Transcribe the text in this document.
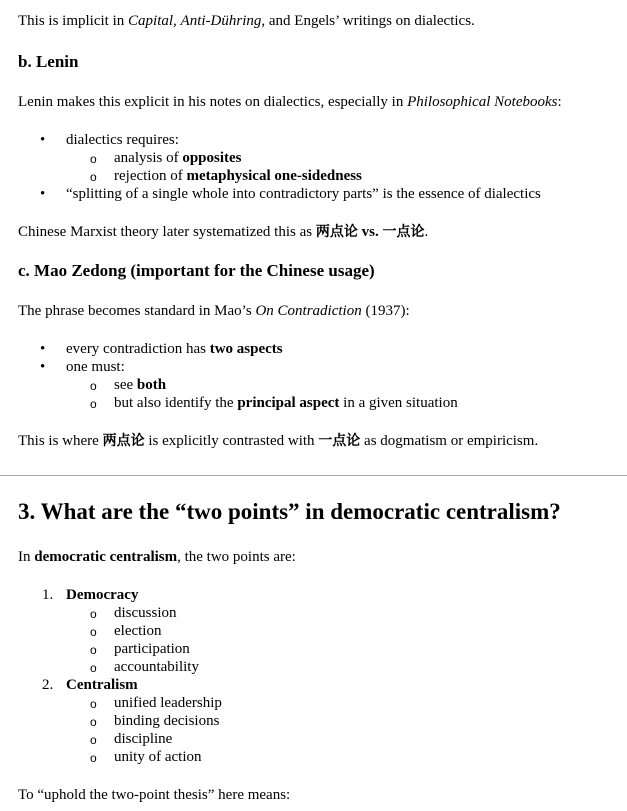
This is implicit in Capital, Anti-Dühring, and Engels’ writings on dialectics.

b. Lenin

Lenin makes this explicit in his notes on dialectics, especially in Philosophical Notebooks:

• dialectics requires:
o analysis of opposites
o rejection of metaphysical one-sidedness
• “splitting of a single whole into contradictory parts” is the essence of dialectics

Chinese Marxist theory later systematized this as 两点论 vs. 一点论.

c. Mao Zedong (important for the Chinese usage)

The phrase becomes standard in Mao’s On Contradiction (1937):

• every contradiction has two aspects
• one must:
o see both
o but also identify the principal aspect in a given situation

This is where 两点论 is explicitly contrasted with 一点论 as dogmatism or empiricism.

3. What are the “two points” in democratic centralism?

In democratic centralism, the two points are:

1. Democracy
o discussion
o election
o participation
o accountability
2. Centralism
o unified leadership
o binding decisions
o discipline
o unity of action

To “uphold the two-point thesis” here means:
